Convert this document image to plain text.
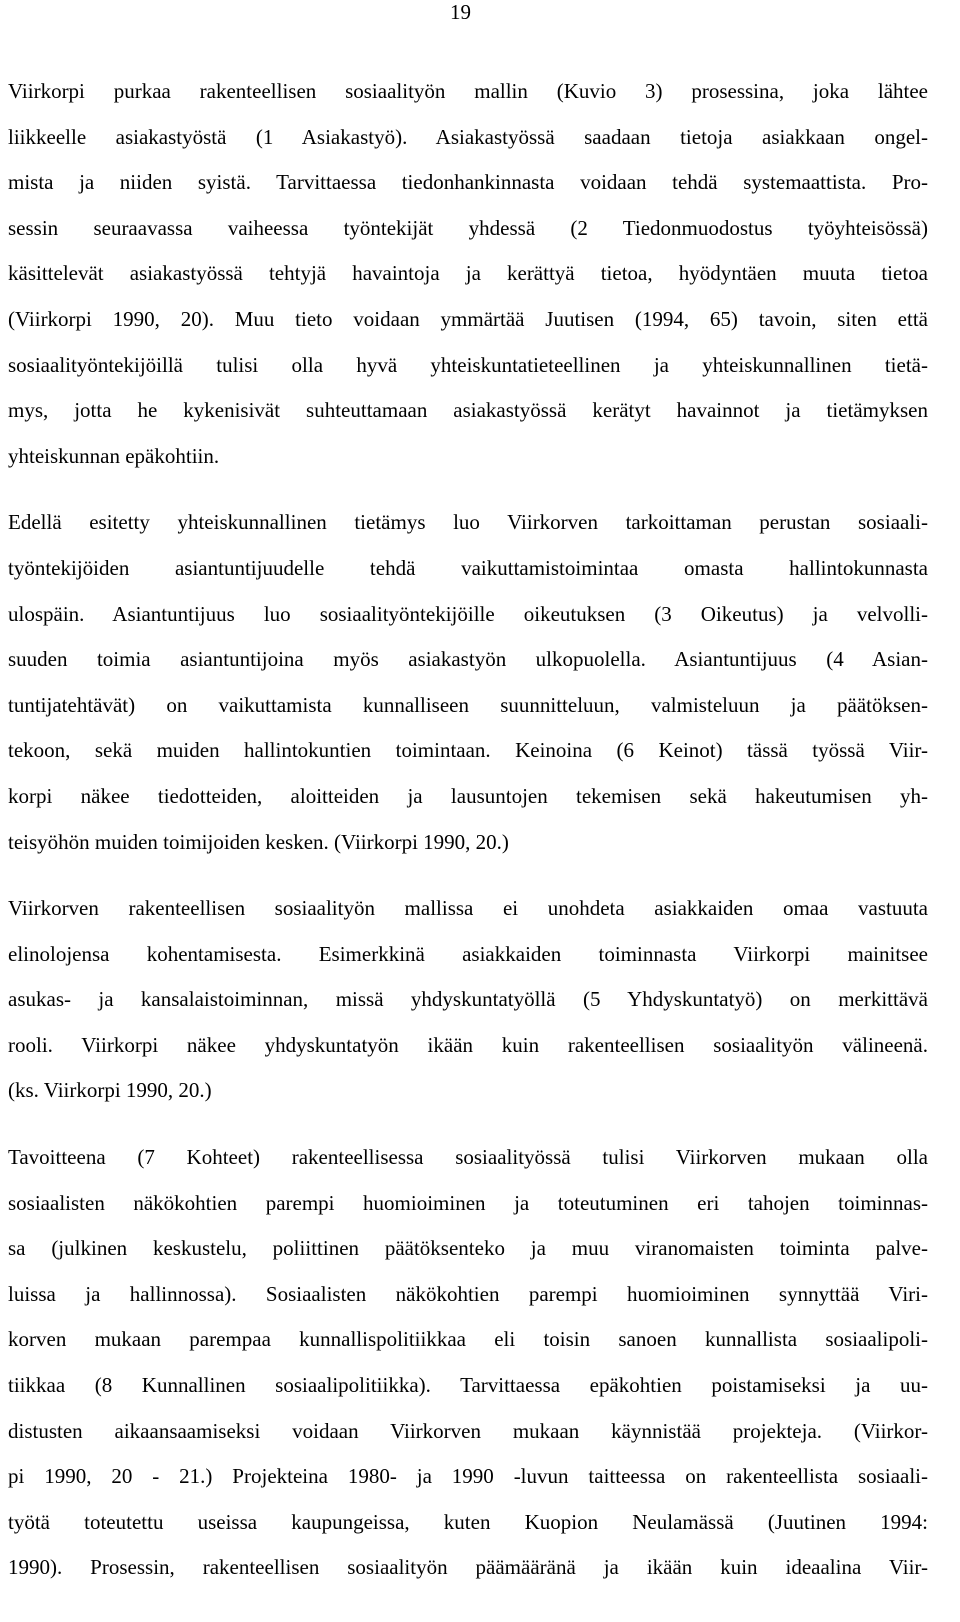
19
Viirkorpi purkaa rakenteellisen sosiaalityön mallin (Kuvio 3) prosessina, joka lähtee
liikkeelle asiakastyöstä (1 Asiakastyö). Asiakastyössä saadaan tietoja asiakkaan ongel-
mista ja niiden syistä. Tarvittaessa tiedonhankinnasta voidaan tehdä systemaattista. Pro-
sessin seuraavassa vaiheessa työntekijät yhdessä (2 Tiedonmuodostus työyhteisössä)
käsittelevät asiakastyössä tehtyjä havaintoja ja kerättyä tietoa, hyödyntäen muuta tietoa
(Viirkorpi 1990, 20). Muu tieto voidaan ymmärtää Juutisen (1994, 65) tavoin, siten että
sosiaalityöntekijöillä tulisi olla hyvä yhteiskuntatieteellinen ja yhteiskunnallinen tietä-
mys, jotta he kykenisivät suhteuttamaan asiakastyössä kerätyt havainnot ja tietämyksen
yhteiskunnan epäkohtiin.
Edellä esitetty yhteiskunnallinen tietämys luo Viirkorven tarkoittaman perustan sosiaali-
työntekijöiden asiantuntijuudelle tehdä vaikuttamistoimintaa omasta hallintokunnasta
ulospäin. Asiantuntijuus luo sosiaalityöntekijöille oikeutuksen (3 Oikeutus) ja velvolli-
suuden toimia asiantuntijoina myös asiakastyön ulkopuolella. Asiantuntijuus (4 Asian-
tuntijatehtävät) on vaikuttamista kunnalliseen suunnitteluun, valmisteluun ja päätöksen-
tekoon, sekä muiden hallintokuntien toimintaan. Keinoina (6 Keinot) tässä työssä Viir-
korpi näkee tiedotteiden, aloitteiden ja lausuntojen tekemisen sekä hakeutumisen yh-
teisyöhön muiden toimijoiden kesken. (Viirkorpi 1990, 20.)
Viirkorven rakenteellisen sosiaalityön mallissa ei unohdeta asiakkaiden omaa vastuuta
elinolojensa kohentamisesta. Esimerkkinä asiakkaiden toiminnasta Viirkorpi mainitsee
asukas- ja kansalaistoiminnan, missä yhdyskuntatyöllä (5 Yhdyskuntatyö) on merkittävä
rooli. Viirkorpi näkee yhdyskuntatyön ikään kuin rakenteellisen sosiaalityön välineenä.
(ks. Viirkorpi 1990, 20.)
Tavoitteena (7 Kohteet) rakenteellisessa sosiaalityössä tulisi Viirkorven mukaan olla
sosiaalisten näkökohtien parempi huomioiminen ja toteutuminen eri tahojen toiminnas-
sa (julkinen keskustelu, poliittinen päätöksenteko ja muu viranomaisten toiminta palve-
luissa ja hallinnossa). Sosiaalisten näkökohtien parempi huomioiminen synnyttää Viri-
korven mukaan parempaa kunnallispolitiikkaa eli toisin sanoen kunnallista sosiaalipoli-
tiikkaa (8 Kunnallinen sosiaalipolitiikka). Tarvittaessa epäkohtien poistamiseksi ja uu-
distusten aikaansaamiseksi voidaan Viirkorven mukaan käynnistää projekteja. (Viirkor-
pi 1990, 20 - 21.) Projekteina 1980- ja 1990 -luvun taitteessa on rakenteellista sosiaali-
työtä toteutettu useissa kaupungeissa, kuten Kuopion Neulamässä (Juutinen 1994:
1990). Prosessin, rakenteellisen sosiaalityön päämääränä ja ikään kuin ideaalina Viir-
